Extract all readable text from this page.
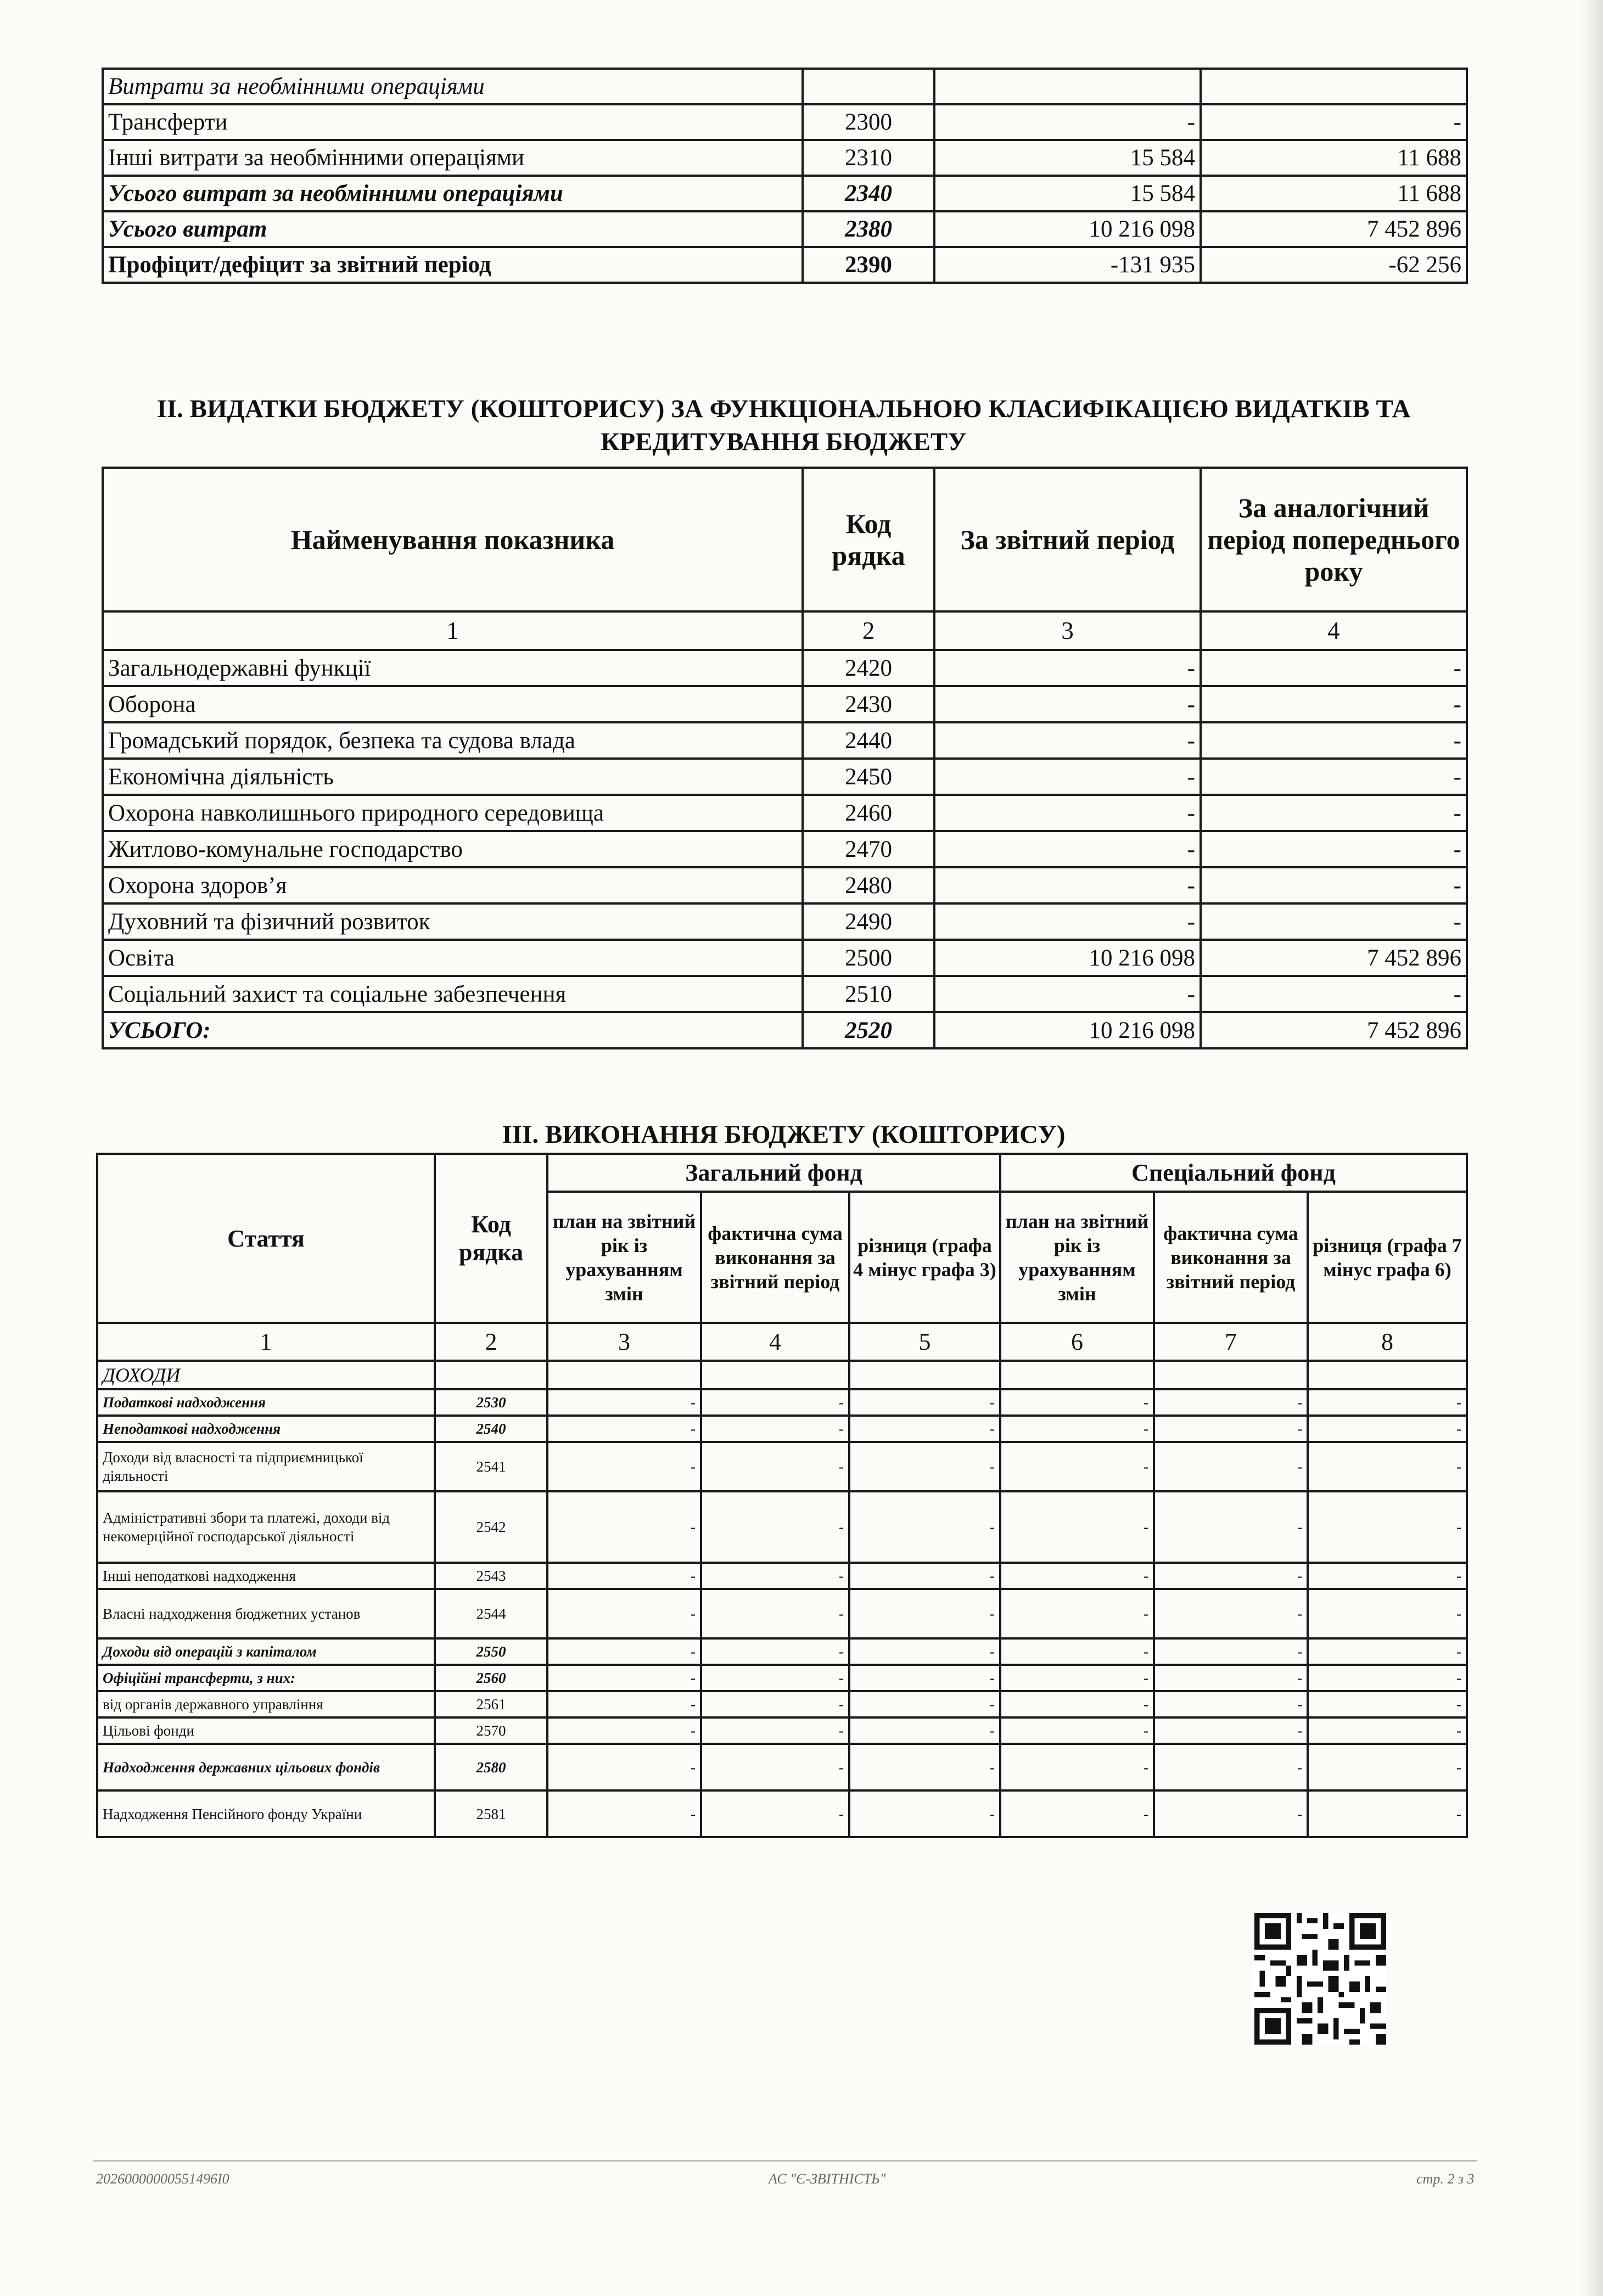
Витрати за необмінними операціями			
Трансферти	2300	-	-
Інші витрати за необмінними операціями	2310	15 584	11 688
Усього витрат за необмінними операціями	2340	15 584	11 688
Усього витрат	2380	10 216 098	7 452 896
Профіцит/дефіцит за звітний період	2390	-131 935	-62 256
ІІ. ВИДАТКИ БЮДЖЕТУ (КОШТОРИСУ) ЗА ФУНКЦІОНАЛЬНОЮ КЛАСИФІКАЦІЄЮ ВИДАТКІВ ТА
КРЕДИТУВАННЯ БЮДЖЕТУ
Найменування показника	Код рядка	За звітний період	За аналогічний період попереднього року
1	2	3	4
Загальнодержавні функції	2420	-	-
Оборона	2430	-	-
Громадський порядок, безпека та судова влада	2440	-	-
Економічна діяльність	2450	-	-
Охорона навколишнього природного середовища	2460	-	-
Житлово-комунальне господарство	2470	-	-
Охорона здоров’я	2480	-	-
Духовний та фізичний розвиток	2490	-	-
Освіта	2500	10 216 098	7 452 896
Соціальний захист та соціальне забезпечення	2510	-	-
УСЬОГО:	2520	10 216 098	7 452 896
ІІІ. ВИКОНАННЯ БЮДЖЕТУ (КОШТОРИСУ)
Стаття	Код рядка	Загальний фонд			Спеціальний фонд		
		план на звітний рік із урахуванням змін	фактична сума виконання за звітний період	різниця (графа 4 мінус графа 3)	план на звітний рік із урахуванням змін	фактична сума виконання за звітний період	різниця (графа 7 мінус графа 6)
1	2	3	4	5	6	7	8
ДОХОДИ							
Податкові надходження	2530	-	-	-	-	-	-
Неподаткові надходження	2540	-	-	-	-	-	-
Доходи від власності та підприємницької діяльності	2541	-	-	-	-	-	-
Адміністративні збори та платежі, доходи від некомерційної господарської діяльності	2542	-	-	-	-	-	-
Інші неподаткові надходження	2543	-	-	-	-	-	-
Власні надходження бюджетних установ	2544	-	-	-	-	-	-
Доходи від операцій з капіталом	2550	-	-	-	-	-	-
Офіційні трансферти, з них:	2560	-	-	-	-	-	-
від органів державного управління	2561	-	-	-	-	-	-
Цільові фонди	2570	-	-	-	-	-	-
Надходження державних цільових фондів	2580	-	-	-	-	-	-
Надходження Пенсійного фонду України	2581	-	-	-	-	-	-
20260000000551496I0	АС "Є-ЗВІТНІСТЬ"	стр. 2 з 3
